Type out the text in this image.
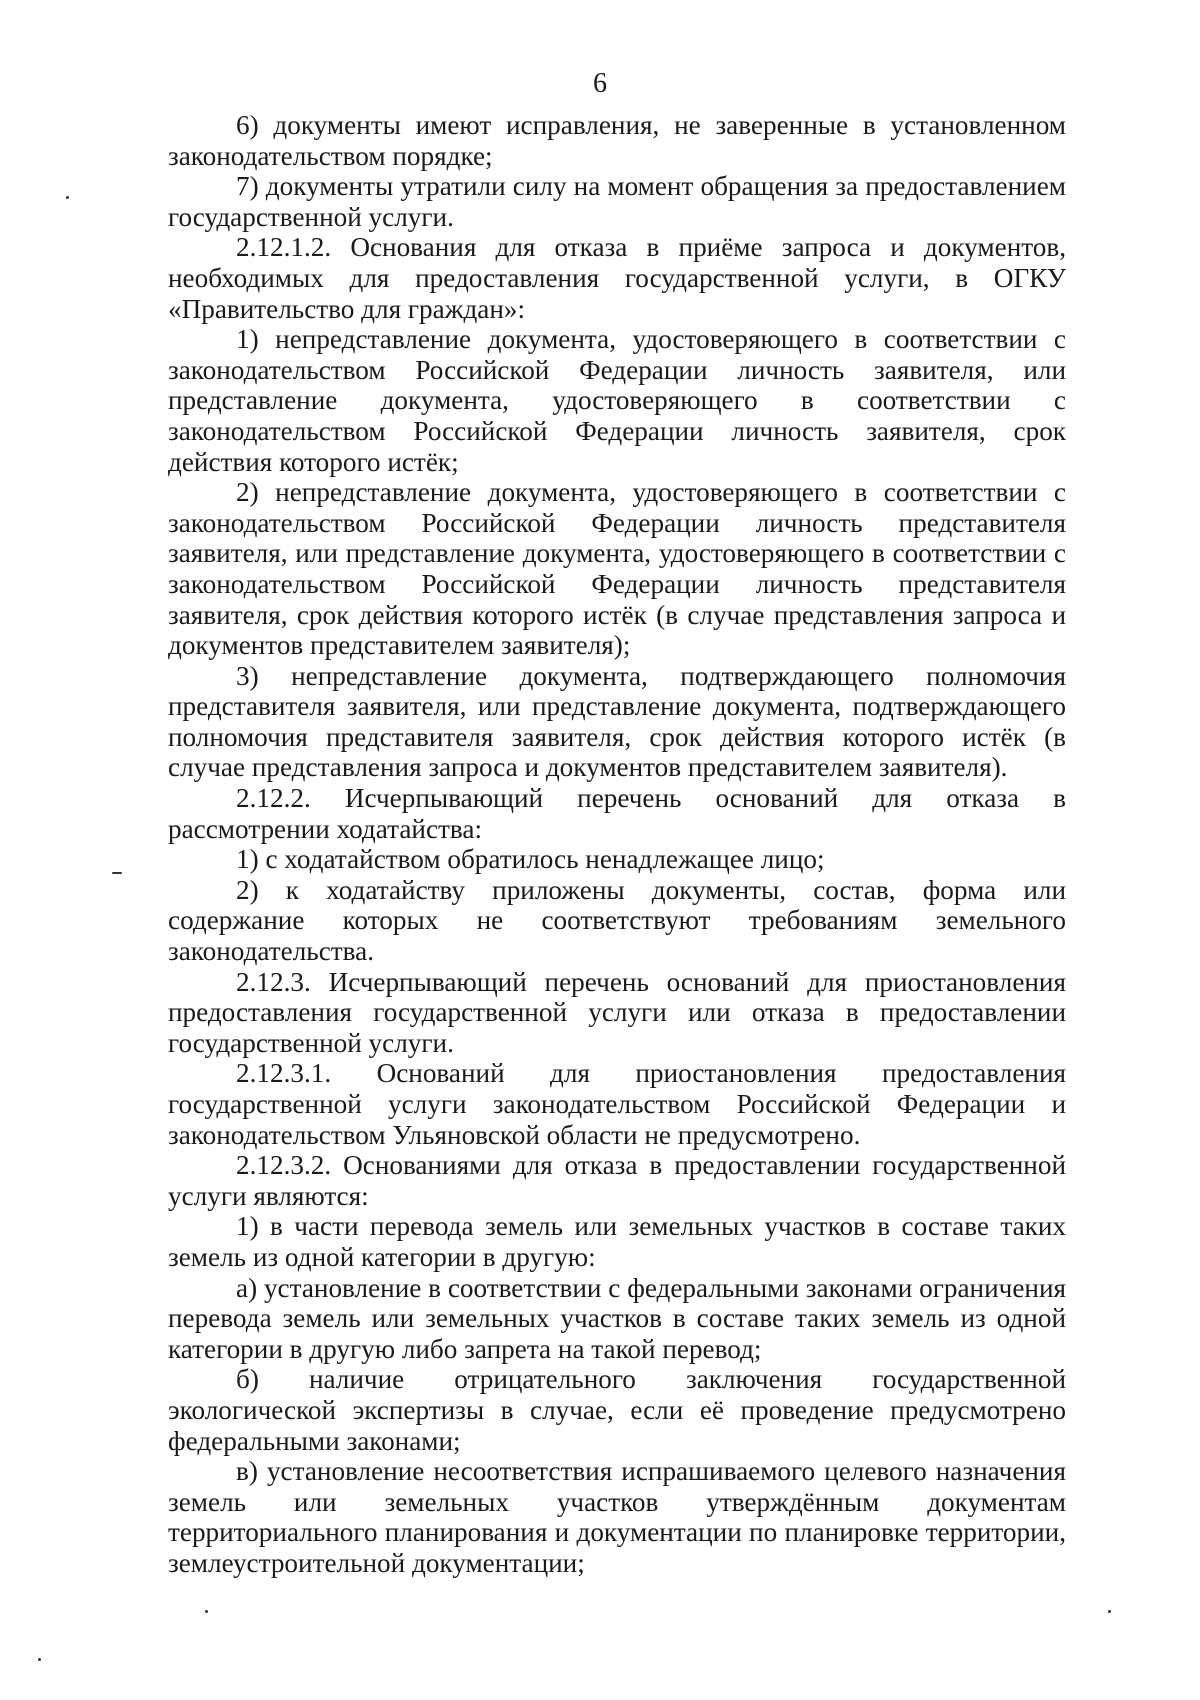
6

6) документы имеют исправления, не заверенные в установленном законодательством порядке;

7) документы утратили силу на момент обращения за предоставлением государственной услуги.

2.12.1.2. Основания для отказа в приёме запроса и документов, необходимых для предоставления государственной услуги, в ОГКУ «Правительство для граждан»:

1) непредставление документа, удостоверяющего в соответствии с законодательством Российской Федерации личность заявителя, или представление документа, удостоверяющего в соответствии с законодательством Российской Федерации личность заявителя, срок действия которого истёк;

2) непредставление документа, удостоверяющего в соответствии с законодательством Российской Федерации личность представителя заявителя, или представление документа, удостоверяющего в соответствии с законодательством Российской Федерации личность представителя заявителя, срок действия которого истёк (в случае представления запроса и документов представителем заявителя);

3) непредставление документа, подтверждающего полномочия представителя заявителя, или представление документа, подтверждающего полномочия представителя заявителя, срок действия которого истёк (в случае представления запроса и документов представителем заявителя).

2.12.2. Исчерпывающий перечень оснований для отказа в рассмотрении ходатайства:

1) с ходатайством обратилось ненадлежащее лицо;

2) к ходатайству приложены документы, состав, форма или содержание которых не соответствуют требованиям земельного законодательства.

2.12.3. Исчерпывающий перечень оснований для приостановления предоставления государственной услуги или отказа в предоставлении государственной услуги.

2.12.3.1. Оснований для приостановления предоставления государственной услуги законодательством Российской Федерации и законодательством Ульяновской области не предусмотрено.

2.12.3.2. Основаниями для отказа в предоставлении государственной услуги являются:

1) в части перевода земель или земельных участков в составе таких земель из одной категории в другую:

а) установление в соответствии с федеральными законами ограничения перевода земель или земельных участков в составе таких земель из одной категории в другую либо запрета на такой перевод;

б) наличие отрицательного заключения государственной экологической экспертизы в случае, если её проведение предусмотрено федеральными законами;

в) установление несоответствия испрашиваемого целевого назначения земель или земельных участков утверждённым документам территориального планирования и документации по планировке территории, землеустроительной документации;
